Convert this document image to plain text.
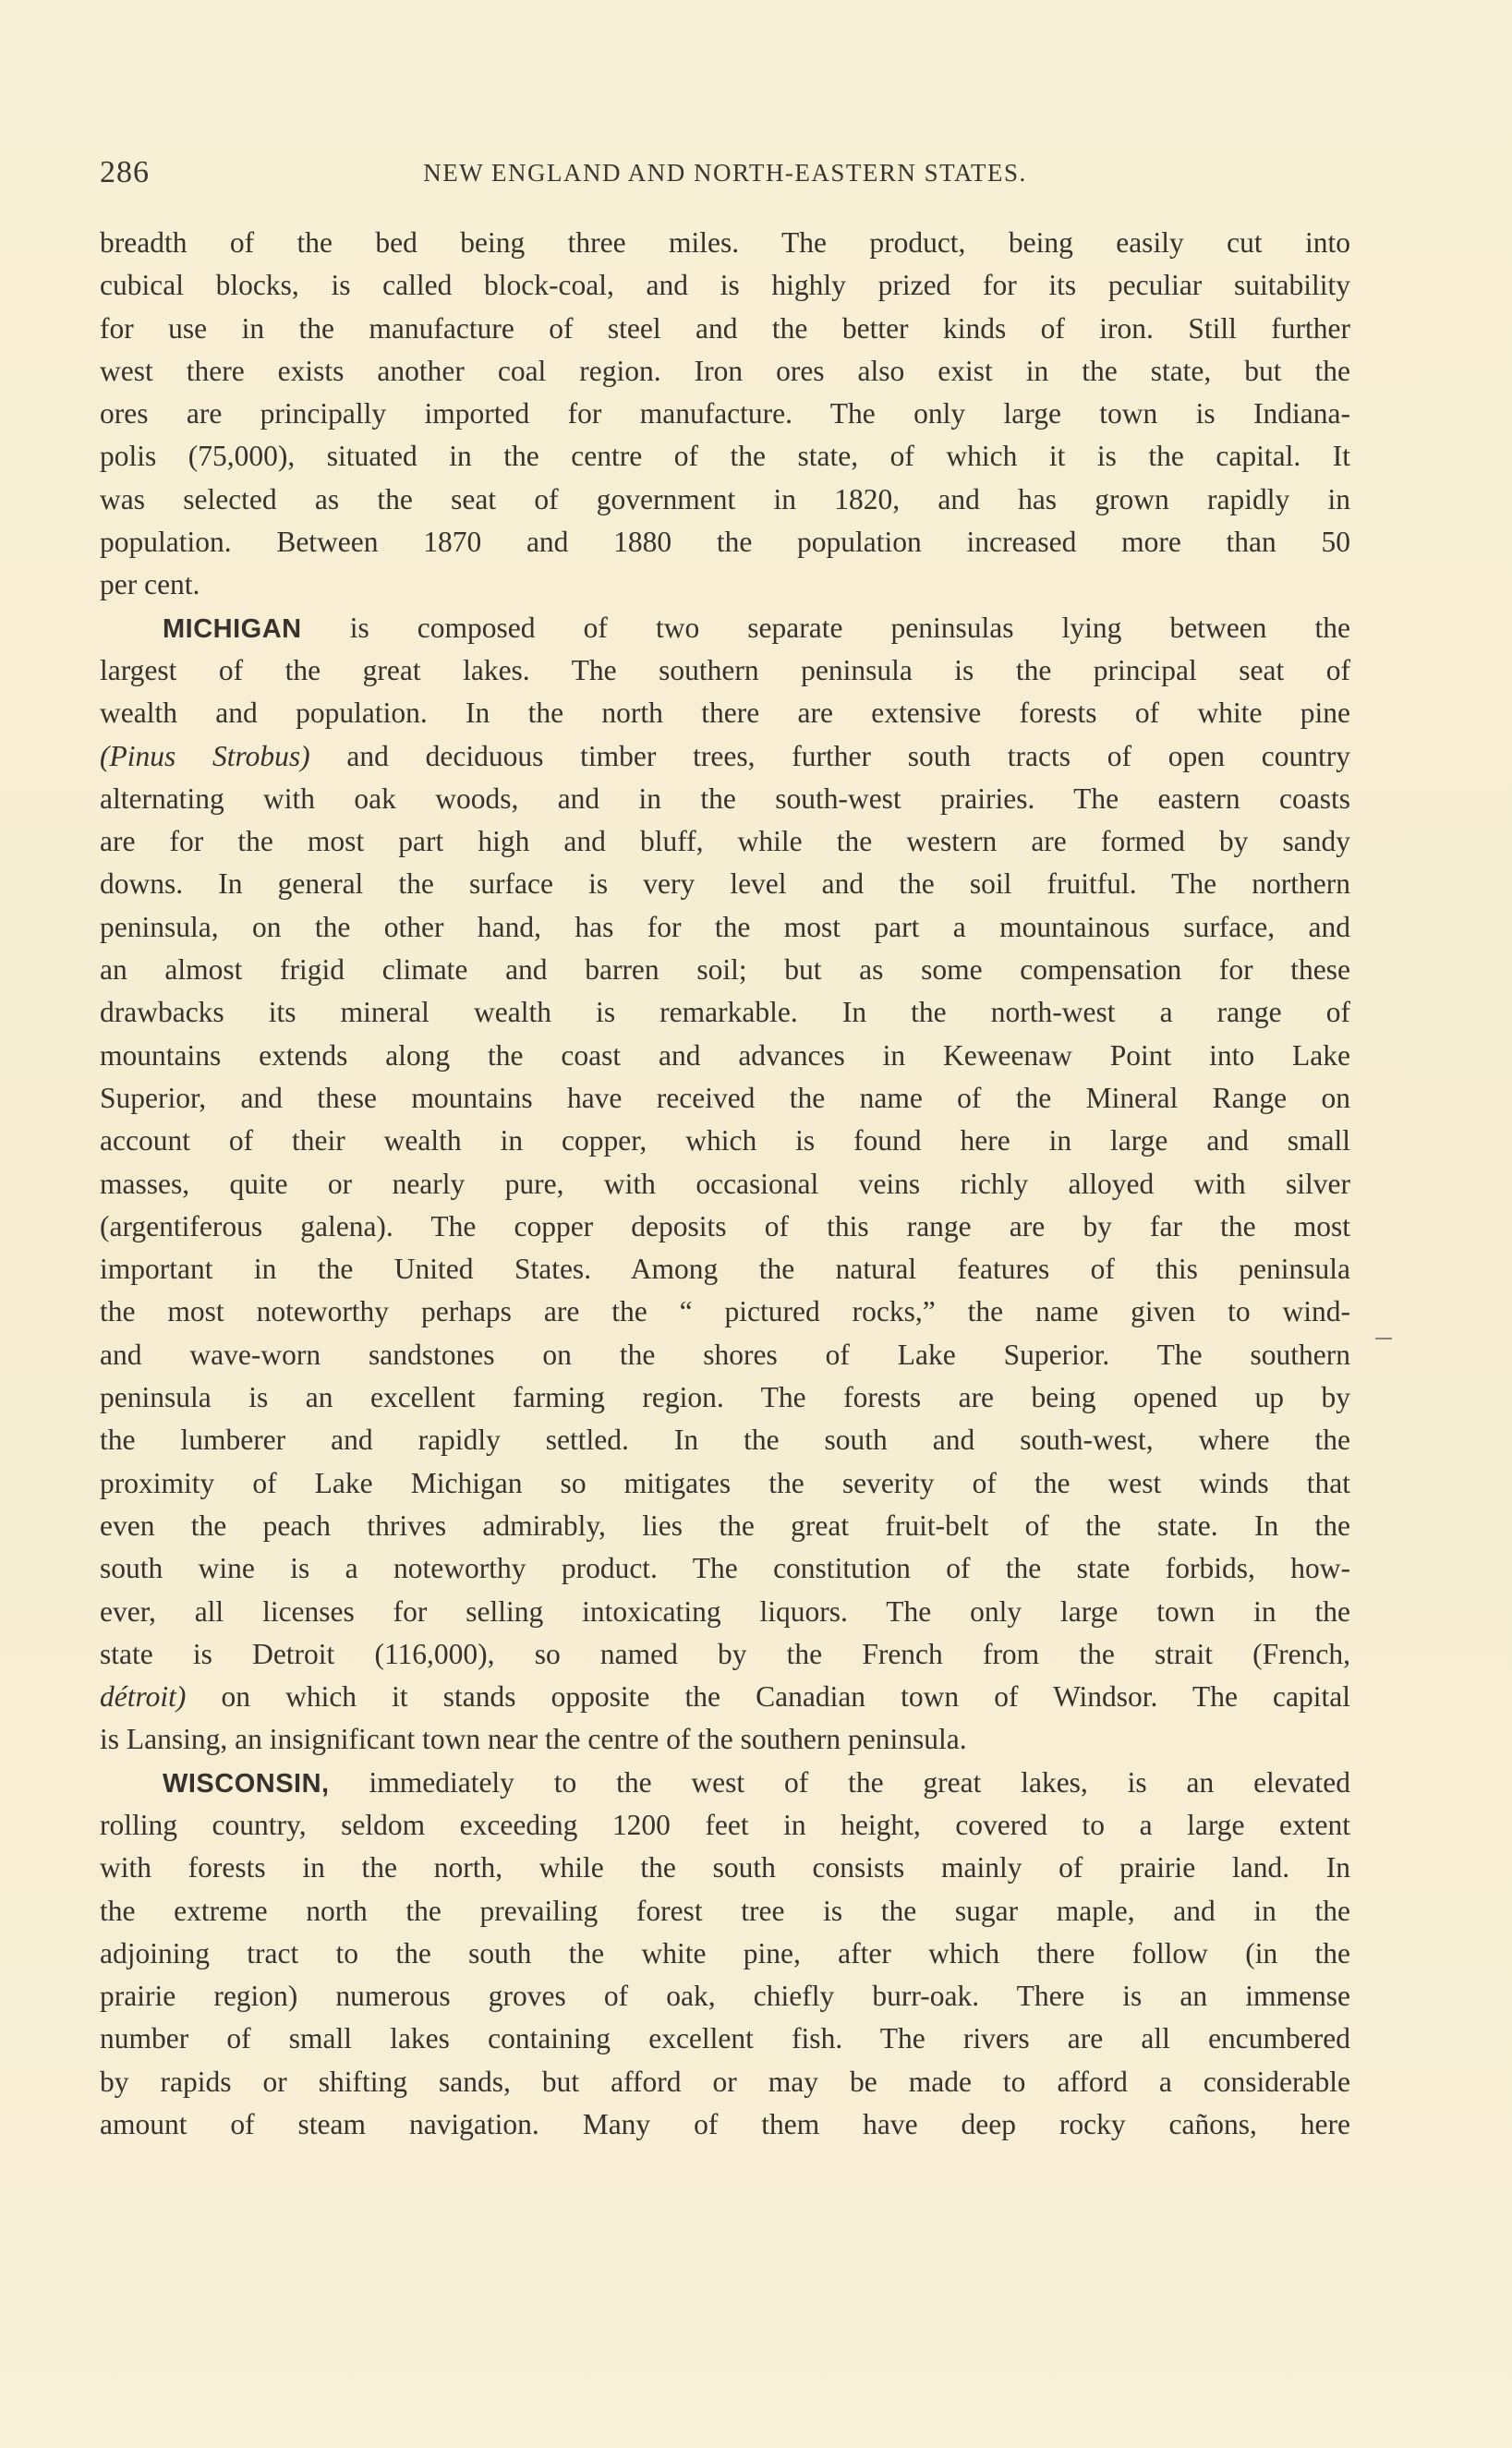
286	NEW ENGLAND AND NORTH-EASTERN STATES.
breadth of the bed being three miles. The product, being easily cut into
cubical blocks, is called block-coal, and is highly prized for its peculiar suitability
for use in the manufacture of steel and the better kinds of iron. Still further
west there exists another coal region. Iron ores also exist in the state, but the
ores are principally imported for manufacture. The only large town is Indiana-
polis (75,000), situated in the centre of the state, of which it is the capital. It
was selected as the seat of government in 1820, and has grown rapidly in
population. Between 1870 and 1880 the population increased more than 50
per cent.
MICHIGAN is composed of two separate peninsulas lying between the
largest of the great lakes. The southern peninsula is the principal seat of
wealth and population. In the north there are extensive forests of white pine
(Pinus Strobus) and deciduous timber trees, further south tracts of open country
alternating with oak woods, and in the south-west prairies. The eastern coasts
are for the most part high and bluff, while the western are formed by sandy
downs. In general the surface is very level and the soil fruitful. The northern
peninsula, on the other hand, has for the most part a mountainous surface, and
an almost frigid climate and barren soil; but as some compensation for these
drawbacks its mineral wealth is remarkable. In the north-west a range of
mountains extends along the coast and advances in Keweenaw Point into Lake
Superior, and these mountains have received the name of the Mineral Range on
account of their wealth in copper, which is found here in large and small
masses, quite or nearly pure, with occasional veins richly alloyed with silver
(argentiferous galena). The copper deposits of this range are by far the most
important in the United States. Among the natural features of this peninsula
the most noteworthy perhaps are the “ pictured rocks,” the name given to wind-
and wave-worn sandstones on the shores of Lake Superior. The southern
peninsula is an excellent farming region. The forests are being opened up by
the lumberer and rapidly settled. In the south and south-west, where the
proximity of Lake Michigan so mitigates the severity of the west winds that
even the peach thrives admirably, lies the great fruit-belt of the state. In the
south wine is a noteworthy product. The constitution of the state forbids, how-
ever, all licenses for selling intoxicating liquors. The only large town in the
state is Detroit (116,000), so named by the French from the strait (French,
détroit) on which it stands opposite the Canadian town of Windsor. The capital
is Lansing, an insignificant town near the centre of the southern peninsula.
WISCONSIN, immediately to the west of the great lakes, is an elevated
rolling country, seldom exceeding 1200 feet in height, covered to a large extent
with forests in the north, while the south consists mainly of prairie land. In
the extreme north the prevailing forest tree is the sugar maple, and in the
adjoining tract to the south the white pine, after which there follow (in the
prairie region) numerous groves of oak, chiefly burr-oak. There is an immense
number of small lakes containing excellent fish. The rivers are all encumbered
by rapids or shifting sands, but afford or may be made to afford a considerable
amount of steam navigation. Many of them have deep rocky cañons, here
